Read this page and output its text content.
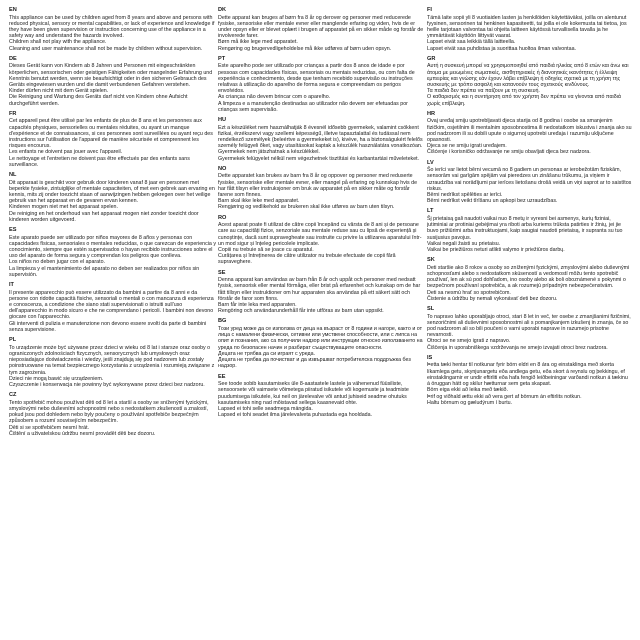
EN
This appliance can be used by children aged from 8 years and above and persons with reduced physical, sensory or mental capabilities, or lack of experience and knowledge if they have been given supervision or instruction concerning use of the appliance in a safety way and understand the hazards involved.
Children shall not play with the appliance.
Cleaning and user maintenance shall not be made by children without supervision.
DE
Dieses Gerät kann von Kindern ab 8 Jahren und Personen mit eingeschränkten körperlichen, sensorischen oder geistigen Fähigkeiten oder mangelnder Erfahrung und Kenntnis benutzt werden, wenn sie beaufsichtigt oder in den sicheren Gebrauch des Geräts eingewiesen wurden und die damit verbundenen Gefahren verstehen.
Kinder dürfen nicht mit dem Gerät spielen.
Die Reinigung und Wartung des Geräts darf nicht von Kindern ohne Aufsicht durchgeführt werden.
FR
Cet appareil peut être utilisé par les enfants de plus de 8 ans et les personnes aux capacités physiques, sensorielles ou mentales réduites, ou ayant un manque d'expérience et de connaissances, si ces personnes sont surveillées ou ayant reçu des instructions sur l'utilisation de l'appareil de manière sécurisée et comprennent les risques encourus.
Les enfants ne doivent pas jouer avec l'appareil.
Le nettoyage et l'entretien ne doivent pas être effectués par des enfants sans surveillance.
NL
Dit apparaat is geschikt voor gebruik door kinderen vanaf 8 jaar en personen met beperkte fysieke, zintuiglijke of mentale capaciteiten, of met een gebrek aan ervaring en kennis, mits zij onder toezicht staan of aanwijzingen hebben gekregen over het veilige gebruik van het apparaat en de gevaren ervan kennen.
Kinderen mogen niet met het apparaat spelen.
De reiniging en het onderhoud van het apparaat mogen niet zonder toezicht door kinderen worden uitgevoerd.
ES
Este aparato puede ser utilizado por niños mayores de 8 años y personas con capacidades físicas, sensoriales o mentales reducidas, o que carezcan de experiencia y conocimiento, siempre que estén supervisados o hayan recibido instrucciones sobre el uso del aparato de forma segura y comprendan los peligros que conlleva.
Los niños no deben jugar con el aparato.
La limpieza y el mantenimiento del aparato no deben ser realizados por niños sin supervisión.
IT
Il presente apparecchio può essere utilizzato da bambini a partire da 8 anni e da persone con ridotte capacità fisiche, sensoriali o mentali o con mancanza di esperienza e conoscenza, a condizione che siano stati supervisionati o istruiti sull'uso dell'apparecchio in modo sicuro e che ne comprendano i pericoli. I bambini non devono giocare con l'apparecchio.
Gli interventi di pulizia e manutenzione non devono essere svolti da parte di bambini senza supervisione.
PL
To urządzenie może być używane przez dzieci w wieku od 8 lat i starsze oraz osoby o ograniczonych zdolnościach fizycznych, sensorycznych lub umysłowych oraz nieposiadające doświadczenia i wiedzy, jeśli znajdują się pod nadzorem lub zostały poinstruowane na temat bezpiecznego korzystania z urządzenia i rozumieją związane z tym zagrożenia.
Dzieci nie mogą bawić się urządzeniem.
Czyszczenie i konserwacja nie powinny być wykonywane przez dzieci bez nadzoru.
CZ
Tento spotřebič mohou používat děti od 8 let a starší a osoby se sníženými fyzickými, smyslovými nebo duševními schopnostmi nebo s nedostatkem zkušeností a znalostí, pokud jsou pod dohledem nebo byly poučeny o používání spotřebiče bezpečným způsobem a rozumí souvisejícím nebezpečím.
Děti si se spotřebičem nesmí hrát.
Čištění a uživatelskou údržbu nesmí provádět děti bez dozoru.
DK
Dette apparat kan bruges af børn fra 8 år og derover og personer med reducerede fysiske, sensoriske eller mentale evner eller manglende erfaring og viden, hvis de er under opsyn eller er blevet oplært i brugen af apparatet på en sikker måde og forstår de involverede farer.
Børn må ikke lege med apparatet.
Rengøring og brugervedligeholdelse må ikke udføres af børn uden opsyn.
PT
Este aparelho pode ser utilizado por crianças a partir dos 8 anos de idade e por pessoas com capacidades físicas, sensoriais ou mentais reduzidas, ou com falta de experiência e conhecimento, desde que tenham recebido supervisão ou instruções relativas à utilização do aparelho de forma segura e compreendam os perigos envolvidos.
As crianças não devem brincar com o aparelho.
A limpeza e a manutenção destinadas ao utilizador não devem ser efetuadas por crianças sem supervisão.
HU
Ezt a készüléket nem használhatják 8 évesnél idősebb gyermekek, valamint csökkent fizikai, érzékszervi vagy szellemi képességű, illetve tapasztalattal és tudással nem rendelkező személyek (beleértve a gyermekeket is), kivéve, ha a biztonságukért felelős személy felügyeli őket, vagy utasításokat kaptak a készülék használatára vonatkozóan.
Gyermekek nem játszhatnak a készülékkel.
Gyermekek felügyelet nélkül nem végezhetnek tisztítási és karbantartási műveleteket.
NO
Dette apparatet kan brukes av barn fra 8 år og oppover og personer med reduserte fysiske, sensoriske eller mentale evner, eller mangel på erfaring og kunnskap hvis de har fått tilsyn eller instruksjoner om bruk av apparatet på en sikker måte og forstår farene som finnes.
Barn skal ikke leke med apparatet.
Rengjøring og vedlikehold av brukeren skal ikke utføres av barn uten tilsyn.
RO
Acest aparat poate fi utilizat de către copii începând cu vârsta de 8 ani și de persoane care au capacități fizice, senzoriale sau mentale reduse sau cu lipsă de experiență și cunoștințe, dacă sunt supravegheate sau instruite cu privire la utilizarea aparatului într-un mod sigur și înțeleg pericolele implicate.
Copiii nu trebuie să se joace cu aparatul.
Curățarea și întreținerea de către utilizator nu trebuie efectuate de copii fără supraveghere.
SE
Denna apparat kan användas av barn från 8 år och uppåt och personer med nedsatt fysisk, sensorisk eller mental förmåga, eller brist på erfarenhet och kunskap om de har fått tillsyn eller instruktioner om hur apparaten ska användas på ett säkert sätt och förstår de faror som finns.
Barn får inte leka med apparaten.
Rengöring och användarunderhåll får inte utföras av barn utan uppsikt.
BG
Този уред може да се използва от деца на възраст от 8 години и нагоре, както и от лица с намалени физически, сетивни или умствени способности, или с липса на опит и познания, ако са получили надзор или инструкции относно използването на уреда по безопасен начин и разбират съществуващите опасности.
Децата не трябва да си играят с уреда.
Децата не трябва да почистват и да извършват потребителска поддръжка без надзор.
EE
See toode sobib kasutamiseks üle 8-aastastele lastele ja vähenenud füüsiliste, sensoorsete või vaimsete võimetega piiratud isikutele või kogemuste ja teadmiste puudumisega isikutele, kui neil on järelevalve või antud juhiseid seadme ohutuks kasutamiseks ning nad mõistavad sellega kaasnevaid ohte.
Lapsed ei tohi selle seadmega mängida.
Lapsed ei tohi seadet ilma järelevalveta puhastada ega hooldada.
FI
Tämä laite sopii yli 8 vuotiaiden lasten ja henkilöiden käytettäväksi, joilla on alentunut fyysinen, sensorinen tai henkinen kapasiteetti, tai joilla ei ole kokemusta tai tietoa, jos heille tarjotaan valvontaa tai ohjeita laitteen käytössä turvallisella tavalla ja he ymmärtävät käyttöön liittyvät vaarat.
Lapset eivät saa leikkiä tällä laitteella.
Lapset eivät saa puhdistaa ja suorittaa huoltoa ilman valvontaa.
GR
Αυτή η συσκευή μπορεί να χρησιμοποιηθεί από παιδιά ηλικίας από 8 ετών και άνω και άτομα με μειωμένες σωματικές, αισθητηριακές ή διανοητικές ικανότητες ή έλλειψη εμπειρίας και γνώσης εάν έχουν λάβει επίβλεψη ή οδηγίες σχετικά με τη χρήση της συσκευής με τρόπο ασφαλή και κατανοούν τους σχετικούς κινδύνους.
Τα παιδιά δεν πρέπει να παίζουν με τη συσκευή.
Ο καθαρισμός και η συντήρηση από τον χρήστη δεν πρέπει να γίνονται από παιδιά χωρίς επίβλεψη.
HR
Ovaj uređaj smiju upotrebljavati djeca starija od 8 godina i osobe sa smanjenim fizičkim, osjetilnim ili mentalnim sposobnostima ili nedostatkom iskustva i znanja ako su pod nadzorom ili su dobili upute o sigurnoj upotrebi uređaja i razumiju uključene opasnosti.
Djeca se ne smiju igrati uređajem.
Čišćenje i korisničko održavanje ne smiju obavljati djeca bez nadzora.
LV
Šo ierīci var lietot bērni vecumā no 8 gadiem un personas ar ierobežotām fiziskām, sensorām vai garīgām spējām vai pieredzes un zināšanu trūkumu, ja viņiem ir uzraudzība vai norādījumi par ierīces lietošanu drošā veidā un viņi saprot ar to saistītos riskus.
Bērni nedrīkst spēlēties ar ierīci.
Bērni nedrīkst veikt tīrīšanu un apkopi bez uzraudzības.
LT
Šį prietaisą gali naudoti vaikai nuo 8 metų ir vyresni bei asmenys, kurių fiziniai, jutiminiai ar protiniai gebėjimai yra riboti arba kuriems trūksta patirties ir žinių, jei jie buvo prižiūrimi arba instruktuojami, kaip saugiai naudoti prietaisą, ir supranta su tuo susijusius pavojus.
Vaikai negali žaisti su prietaisu.
Vaikai be priežiūros neturi atlikti valymo ir priežiūros darbų.
SK
Deti staršie ako 8 rokov a osoby so zníženými fyzickými, zmyslovými alebo duševnými schopnosťami alebo s nedostatkom skúseností a vedomostí môžu tento spotrebič používať, len ak sú pod dohľadom, ino osoby alebo ak boli oboznámené s pokynmi o bezpečnom používaní spotrebiča, a ak rozumejú prípadným nebezpečenstvám.
Deti sa nesmú hrať so spotrebičom.
Čistenie a údržbu by nemali vykonávať deti bez dozoru.
SL
To napravo lahko uporabljajo otroci, stari 8 let in več, ter osebe z zmanjšanimi fizičnimi, senzoričnimi ali duševnimi sposobnostmi ali s pomanjkanjem izkušenj in znanja, če so pod nadzorom ali so bili poučeni o varni uporabi naprave in razumejo prisotne nevarnosti.
Otroci se ne smejo igrati z napravo.
Čiščenja in uporabniškega vzdrževanja ne smejo izvajati otroci brez nadzora.
IS
Þetta tæki hentar til notkunar fyrir börn eldri en 8 ára og einstaklinga með skerta líkamlega getu, skynjunargetu eða andlega getu, eða skort á reynslu og þekkingu, ef einstaklingarnir er undir eftirliti eða hafa fengið leiðbeiningar varðandi notkun á tækinu á öruggan hátt og skilur hætturnar sem geta skapast.
Börn eiga ekki að leika með tækið.
Þrif og viðhald ættu ekki að vera gert af börnum án eftirlits notkun.
Haltu börnum og gæludýrum í burtu.
